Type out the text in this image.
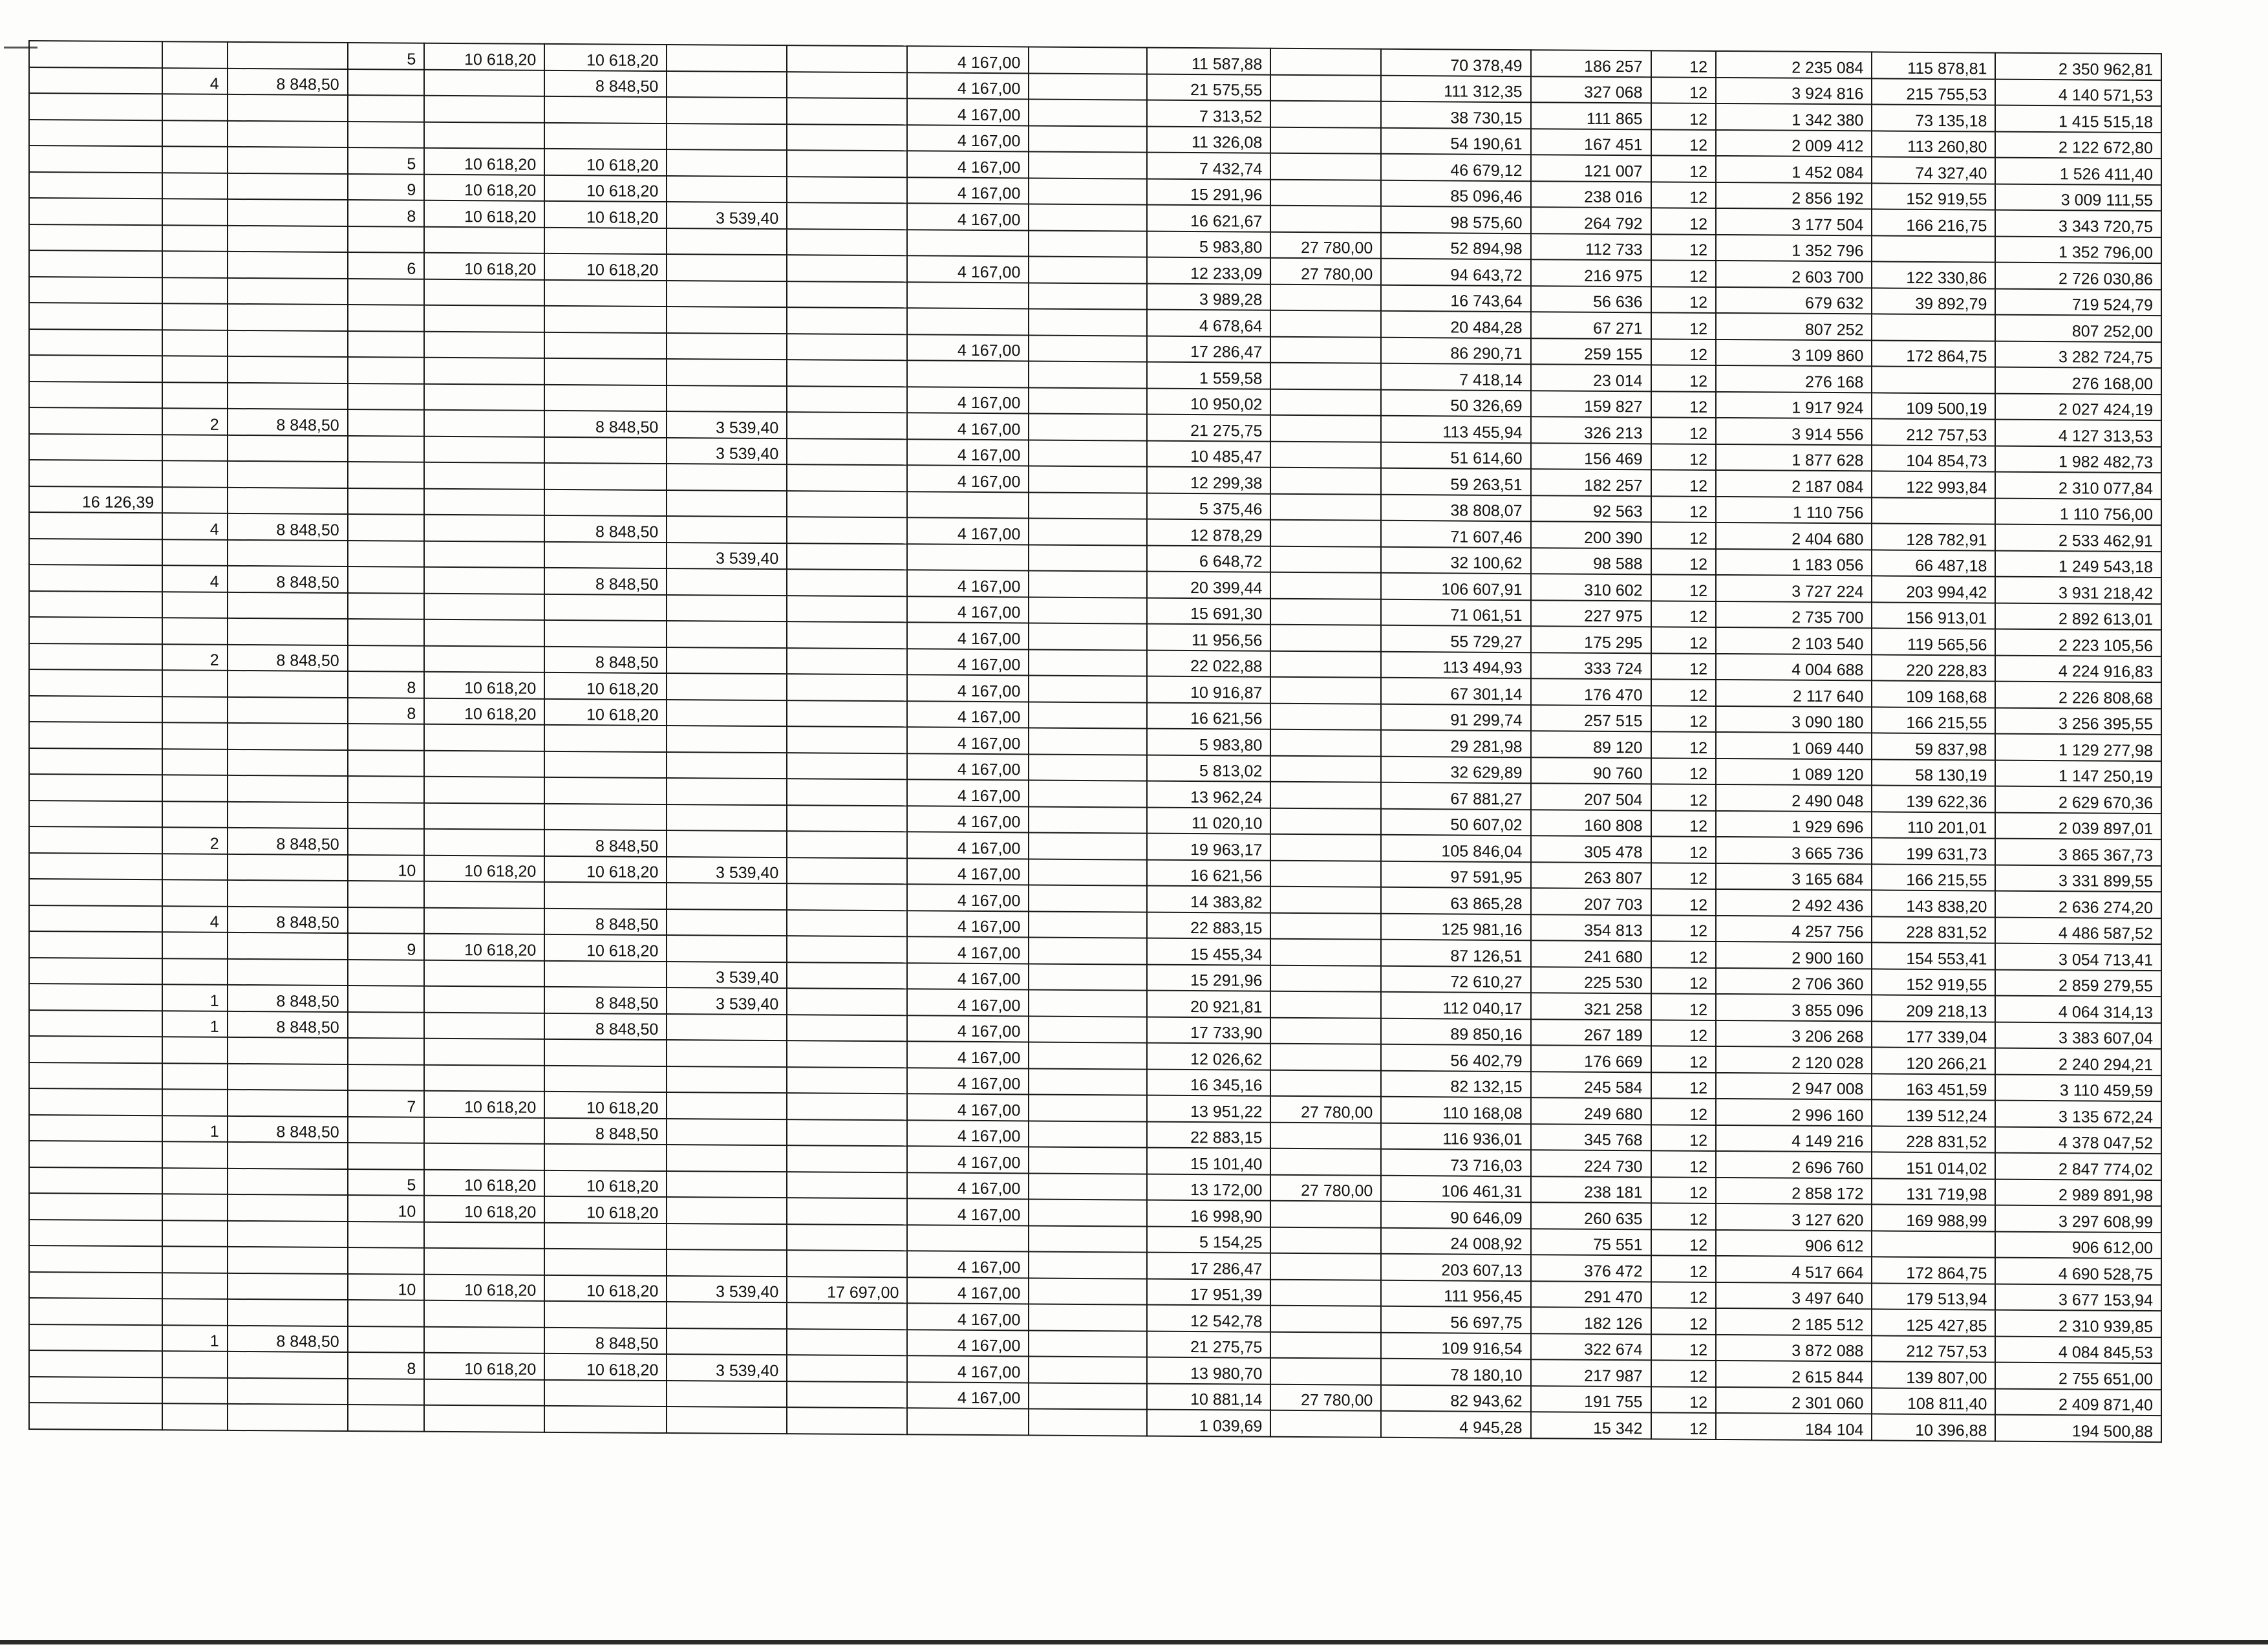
			5	10 618,20	10 618,20			4 167,00		11 587,88		70 378,49	186 257	12	2 235 084	115 878,81	2 350 962,81
	4	8 848,50			8 848,50			4 167,00		21 575,55		111 312,35	327 068	12	3 924 816	215 755,53	4 140 571,53
								4 167,00		7 313,52		38 730,15	111 865	12	1 342 380	73 135,18	1 415 515,18
								4 167,00		11 326,08		54 190,61	167 451	12	2 009 412	113 260,80	2 122 672,80
			5	10 618,20	10 618,20			4 167,00		7 432,74		46 679,12	121 007	12	1 452 084	74 327,40	1 526 411,40
			9	10 618,20	10 618,20			4 167,00		15 291,96		85 096,46	238 016	12	2 856 192	152 919,55	3 009 111,55
			8	10 618,20	10 618,20	3 539,40		4 167,00		16 621,67		98 575,60	264 792	12	3 177 504	166 216,75	3 343 720,75
										5 983,80	27 780,00	52 894,98	112 733	12	1 352 796		1 352 796,00
			6	10 618,20	10 618,20			4 167,00		12 233,09	27 780,00	94 643,72	216 975	12	2 603 700	122 330,86	2 726 030,86
										3 989,28		16 743,64	56 636	12	679 632	39 892,79	719 524,79
										4 678,64		20 484,28	67 271	12	807 252		807 252,00
								4 167,00		17 286,47		86 290,71	259 155	12	3 109 860	172 864,75	3 282 724,75
										1 559,58		7 418,14	23 014	12	276 168		276 168,00
								4 167,00		10 950,02		50 326,69	159 827	12	1 917 924	109 500,19	2 027 424,19
	2	8 848,50			8 848,50	3 539,40		4 167,00		21 275,75		113 455,94	326 213	12	3 914 556	212 757,53	4 127 313,53
						3 539,40		4 167,00		10 485,47		51 614,60	156 469	12	1 877 628	104 854,73	1 982 482,73
								4 167,00		12 299,38		59 263,51	182 257	12	2 187 084	122 993,84	2 310 077,84
16 126,39										5 375,46		38 808,07	92 563	12	1 110 756		1 110 756,00
	4	8 848,50			8 848,50			4 167,00		12 878,29		71 607,46	200 390	12	2 404 680	128 782,91	2 533 462,91
						3 539,40				6 648,72		32 100,62	98 588	12	1 183 056	66 487,18	1 249 543,18
	4	8 848,50			8 848,50			4 167,00		20 399,44		106 607,91	310 602	12	3 727 224	203 994,42	3 931 218,42
								4 167,00		15 691,30		71 061,51	227 975	12	2 735 700	156 913,01	2 892 613,01
								4 167,00		11 956,56		55 729,27	175 295	12	2 103 540	119 565,56	2 223 105,56
	2	8 848,50			8 848,50			4 167,00		22 022,88		113 494,93	333 724	12	4 004 688	220 228,83	4 224 916,83
			8	10 618,20	10 618,20			4 167,00		10 916,87		67 301,14	176 470	12	2 117 640	109 168,68	2 226 808,68
			8	10 618,20	10 618,20			4 167,00		16 621,56		91 299,74	257 515	12	3 090 180	166 215,55	3 256 395,55
								4 167,00		5 983,80		29 281,98	89 120	12	1 069 440	59 837,98	1 129 277,98
								4 167,00		5 813,02		32 629,89	90 760	12	1 089 120	58 130,19	1 147 250,19
								4 167,00		13 962,24		67 881,27	207 504	12	2 490 048	139 622,36	2 629 670,36
								4 167,00		11 020,10		50 607,02	160 808	12	1 929 696	110 201,01	2 039 897,01
	2	8 848,50			8 848,50			4 167,00		19 963,17		105 846,04	305 478	12	3 665 736	199 631,73	3 865 367,73
			10	10 618,20	10 618,20	3 539,40		4 167,00		16 621,56		97 591,95	263 807	12	3 165 684	166 215,55	3 331 899,55
								4 167,00		14 383,82		63 865,28	207 703	12	2 492 436	143 838,20	2 636 274,20
	4	8 848,50			8 848,50			4 167,00		22 883,15		125 981,16	354 813	12	4 257 756	228 831,52	4 486 587,52
			9	10 618,20	10 618,20			4 167,00		15 455,34		87 126,51	241 680	12	2 900 160	154 553,41	3 054 713,41
						3 539,40		4 167,00		15 291,96		72 610,27	225 530	12	2 706 360	152 919,55	2 859 279,55
	1	8 848,50			8 848,50	3 539,40		4 167,00		20 921,81		112 040,17	321 258	12	3 855 096	209 218,13	4 064 314,13
	1	8 848,50			8 848,50			4 167,00		17 733,90		89 850,16	267 189	12	3 206 268	177 339,04	3 383 607,04
								4 167,00		12 026,62		56 402,79	176 669	12	2 120 028	120 266,21	2 240 294,21
								4 167,00		16 345,16		82 132,15	245 584	12	2 947 008	163 451,59	3 110 459,59
			7	10 618,20	10 618,20			4 167,00		13 951,22	27 780,00	110 168,08	249 680	12	2 996 160	139 512,24	3 135 672,24
	1	8 848,50			8 848,50			4 167,00		22 883,15		116 936,01	345 768	12	4 149 216	228 831,52	4 378 047,52
								4 167,00		15 101,40		73 716,03	224 730	12	2 696 760	151 014,02	2 847 774,02
			5	10 618,20	10 618,20			4 167,00		13 172,00	27 780,00	106 461,31	238 181	12	2 858 172	131 719,98	2 989 891,98
			10	10 618,20	10 618,20			4 167,00		16 998,90		90 646,09	260 635	12	3 127 620	169 988,99	3 297 608,99
										5 154,25		24 008,92	75 551	12	906 612		906 612,00
								4 167,00		17 286,47		203 607,13	376 472	12	4 517 664	172 864,75	4 690 528,75
			10	10 618,20	10 618,20	3 539,40	17 697,00	4 167,00		17 951,39		111 956,45	291 470	12	3 497 640	179 513,94	3 677 153,94
								4 167,00		12 542,78		56 697,75	182 126	12	2 185 512	125 427,85	2 310 939,85
	1	8 848,50			8 848,50			4 167,00		21 275,75		109 916,54	322 674	12	3 872 088	212 757,53	4 084 845,53
			8	10 618,20	10 618,20	3 539,40		4 167,00		13 980,70		78 180,10	217 987	12	2 615 844	139 807,00	2 755 651,00
								4 167,00		10 881,14	27 780,00	82 943,62	191 755	12	2 301 060	108 811,40	2 409 871,40
										1 039,69		4 945,28	15 342	12	184 104	10 396,88	194 500,88
